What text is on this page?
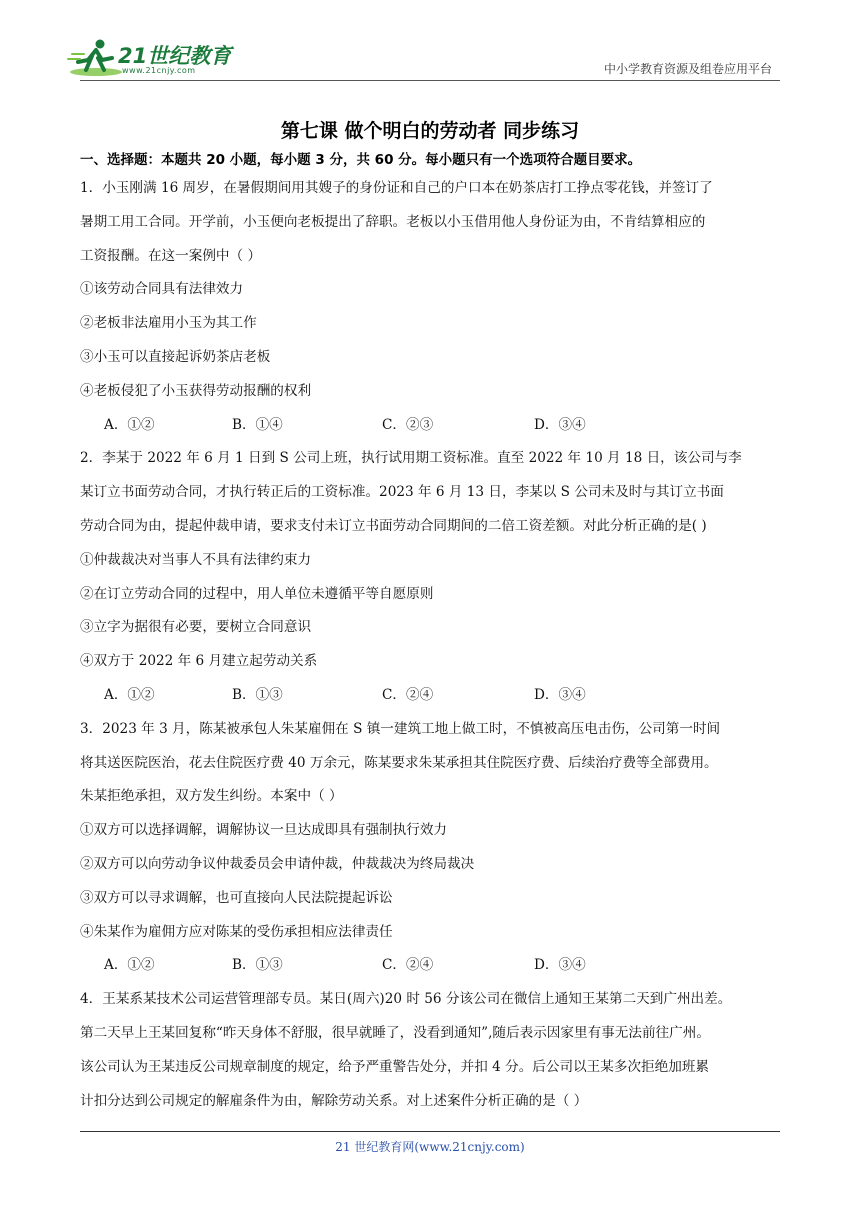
21世纪教育
www.21cnjy.com	中小学教育资源及组卷应用平台
第七课 做个明白的劳动者 同步练习
一、选择题：本题共 20 小题，每小题 3 分，共 60 分。每小题只有一个选项符合题目要求。
1．小玉刚满 16 周岁，在暑假期间用其嫂子的身份证和自己的户口本在奶茶店打工挣点零花钱，并签订了
暑期工用工合同。开学前，小玉便向老板提出了辞职。老板以小玉借用他人身份证为由，不肯结算相应的
工资报酬。在这一案例中（ ）
①该劳动合同具有法律效力
②老板非法雇用小玉为其工作
③小玉可以直接起诉奶茶店老板
④老板侵犯了小玉获得劳动报酬的权利
A．①②	B．①④	C．②③	D．③④
2．李某于 2022 年 6 月 1 日到 S 公司上班，执行试用期工资标准。直至 2022 年 10 月 18 日，该公司与李
某订立书面劳动合同，才执行转正后的工资标准。2023 年 6 月 13 日，李某以 S 公司未及时与其订立书面
劳动合同为由，提起仲裁申请，要求支付未订立书面劳动合同期间的二倍工资差额。对此分析正确的是( )
①仲裁裁决对当事人不具有法律约束力
②在订立劳动合同的过程中，用人单位未遵循平等自愿原则
③立字为据很有必要，要树立合同意识
④双方于 2022 年 6 月建立起劳动关系
A．①②	B．①③	C．②④	D．③④
3．2023 年 3 月，陈某被承包人朱某雇佣在 S 镇一建筑工地上做工时，不慎被高压电击伤，公司第一时间
将其送医院医治，花去住院医疗费 40 万余元，陈某要求朱某承担其住院医疗费、后续治疗费等全部费用。
朱某拒绝承担，双方发生纠纷。本案中（ ）
①双方可以选择调解，调解协议一旦达成即具有强制执行效力
②双方可以向劳动争议仲裁委员会申请仲裁，仲裁裁决为终局裁决
③双方可以寻求调解，也可直接向人民法院提起诉讼
④朱某作为雇佣方应对陈某的受伤承担相应法律责任
A．①②	B．①③	C．②④	D．③④
4．王某系某技术公司运营管理部专员。某日(周六)20 时 56 分该公司在微信上通知王某第二天到广州出差。
第二天早上王某回复称“昨天身体不舒服，很早就睡了，没看到通知”,随后表示因家里有事无法前往广州。
该公司认为王某违反公司规章制度的规定，给予严重警告处分，并扣 4 分。后公司以王某多次拒绝加班累
计扣分达到公司规定的解雇条件为由，解除劳动关系。对上述案件分析正确的是（ ）
21 世纪教育网(www.21cnjy.com)
